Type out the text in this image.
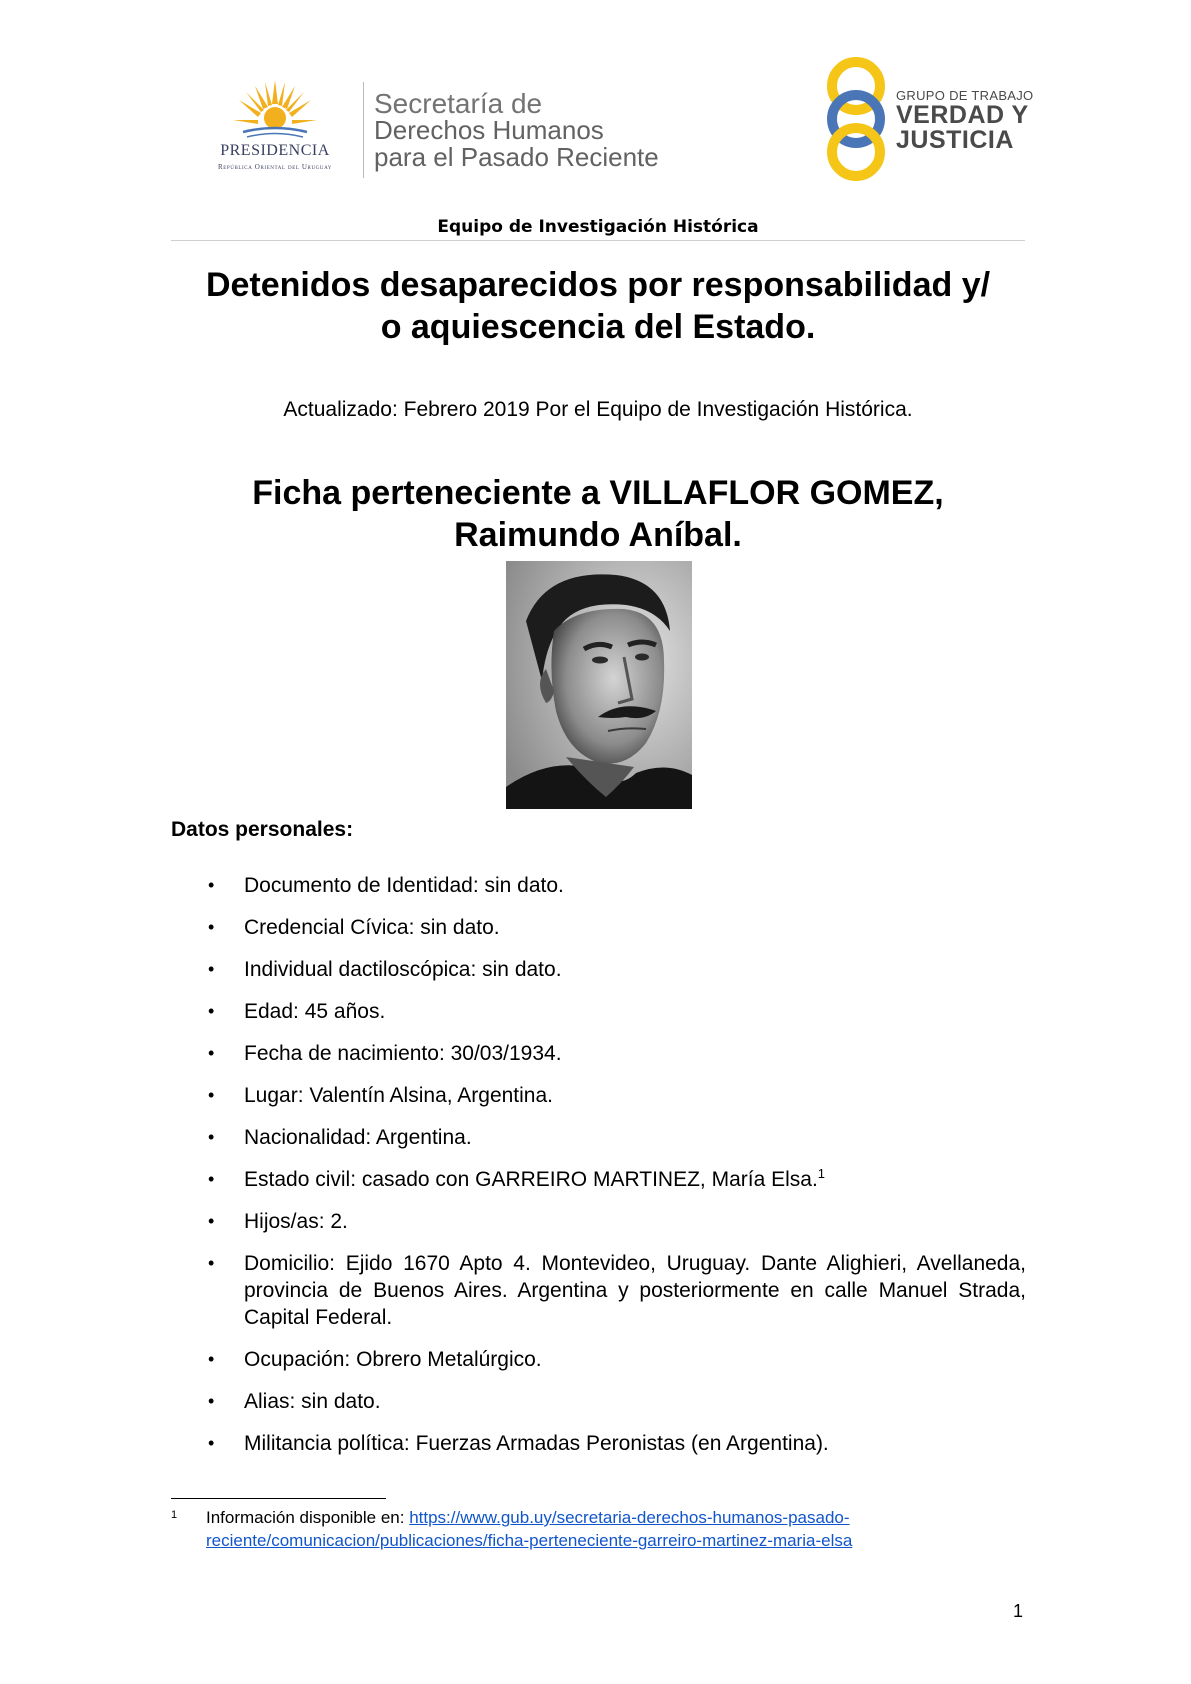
PRESIDENCIA
República Oriental del Uruguay
Secretaría de
Derechos Humanos
para el Pasado Reciente
GRUPO DE TRABAJO
VERDAD Y
JUSTICIA
Equipo de Investigación Histórica
Detenidos desaparecidos por responsabilidad y/
o aquiescencia del Estado.
Actualizado: Febrero 2019 Por el Equipo de Investigación Histórica.
Ficha perteneciente a VILLAFLOR GOMEZ,
Raimundo Aníbal.
Datos personales:
• Documento de Identidad: sin dato.
• Credencial Cívica: sin dato.
• Individual dactiloscópica: sin dato.
• Edad: 45 años.
• Fecha de nacimiento: 30/03/1934.
• Lugar: Valentín Alsina, Argentina.
• Nacionalidad: Argentina.
• Estado civil: casado con GARREIRO MARTINEZ, María Elsa.$^1$
• Hijos/as: 2.
• Domicilio: Ejido 1670 Apto 4. Montevideo, Uruguay. Dante Alighieri, Avellaneda, provincia de Buenos Aires. Argentina y posteriormente en calle Manuel Strada, Capital Federal.
• Ocupación: Obrero Metalúrgico.
• Alias: sin dato.
• Militancia política: Fuerzas Armadas Peronistas (en Argentina).
1 Información disponible en: https://www.gub.uy/secretaria-derechos-humanos-pasado-reciente/comunicacion/publicaciones/ficha-perteneciente-garreiro-martinez-maria-elsa
1
